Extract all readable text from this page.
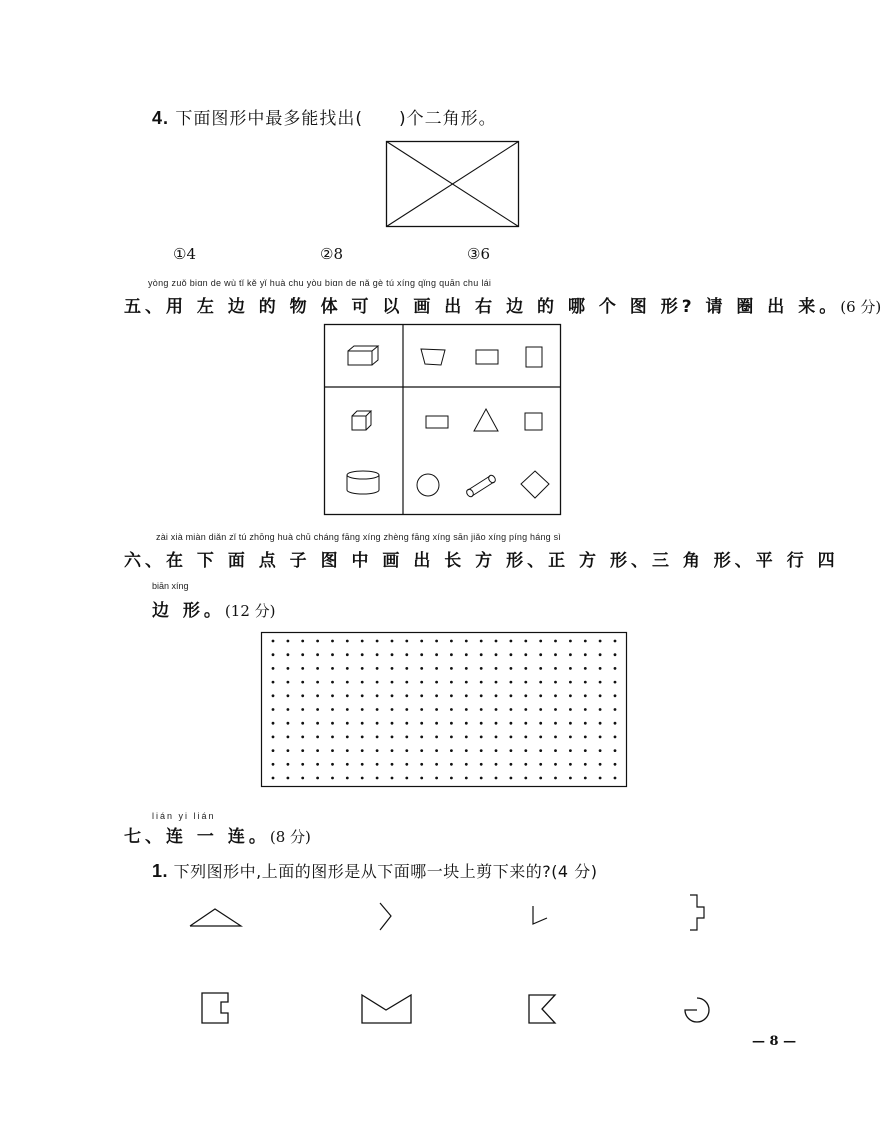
4. 下面图形中最多能找出(　　)个二角形。
①4	②8	③6
yòng zuǒ biɑn de wù tǐ kě yǐ huà chu yòu biɑn de nǎ gè tú xíng qǐng quān chu lái
五、用 左 边 的 物 体 可 以 画 出 右 边 的 哪 个 图 形? 请 圈 出 来。(6 分)
zài xià miàn diǎn zǐ tú zhōng huà chū cháng fāng xíng zhèng fāng xíng sān jiǎo xíng píng háng sì
六、在 下 面 点 子 图 中 画 出 长 方 形、正 方 形、三 角 形、平 行 四
biān xíng
边 形。(12 分)
lián yi lián
七、连 一 连。(8 分)
1. 下列图形中,上面的图形是从下面哪一块上剪下来的?(4 分)
— 8 —
